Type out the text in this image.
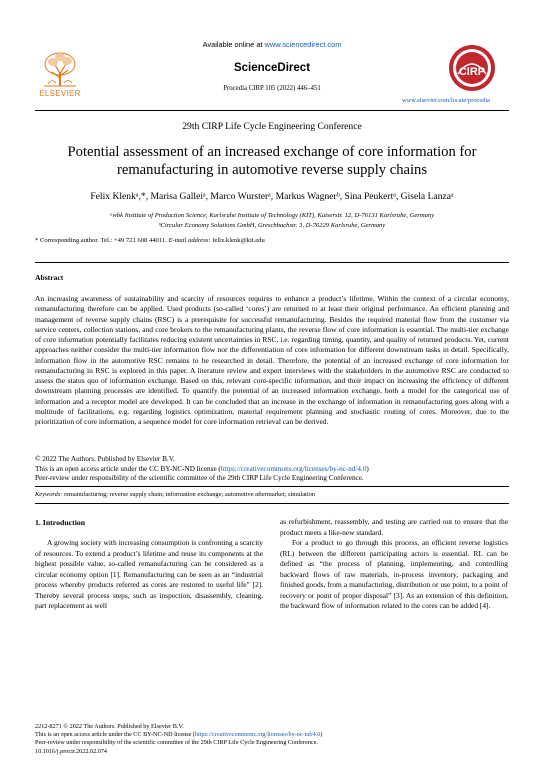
Available online at www.sciencedirect.com
ELSEVIER
ScienceDirect
Procedia CIRP 105 (2022) 446–451
CIRP
www.elsevier.com/locate/procedia
29th CIRP Life Cycle Engineering Conference
Potential assessment of an increased exchange of core information for remanufacturing in automotive reverse supply chains
Felix Klenkᵃ,*, Marisa Galleiᵃ, Marco Wursterᵃ, Markus Wagnerᵇ, Sina Peukertᵃ, Gisela Lanzaᵃ
ᵃwbk Institute of Production Science, Karlsruhe Institute of Technology (KIT), Kaiserstr. 12, D-76131 Karlsruhe, Germany
ᵇCircular Economy Solutions GmbH, Greschbachstr. 3, D-76229 Karlsruhe, Germany
* Corresponding author. Tel.: +49 721 608 44011. E-mail address: felix.klenk@kit.edu
Abstract

An increasing awareness of sustainability and scarcity of resources requires to enhance a product’s lifetime. Within the context of a circular economy, remanufacturing therefore can be applied. Used products (so-called ‘cores’) are returned to at least their original performance. An efficient planning and management of reverse supply chains (RSC) is a prerequisite for successful remanufacturing. Besides the required material flow from the customer via service centers, collection stations, and core brokers to the remanufacturing plants, the reverse flow of core information is essential. The multi-tier exchange of core information potentially facilitates reducing existent uncertainties in RSC, i.e. regarding timing, quantity, and quality of returned products. Yet, current approaches neither consider the multi-tier information flow nor the differentiation of core information for different downstream tasks in detail. Specifically, information flow in the automotive RSC remains to be researched in detail. Therefore, the potential of an increased exchange of core information for remanufacturing in RSC is explored in this paper. A literature review and expert interviews with the stakeholders in the automotive RSC are conducted to assess the status quo of information exchange. Based on this, relevant core-specific information, and their impact on increasing the efficiency of different downstream planning processes are identified. To quantify the potential of an increased information exchange, both a model for the categorical use of information and a receptor model are developed. It can be concluded that an increase in the exchange of information in remanufacturing goes along with a multitude of facilitations, e.g. regarding logistics optimization, material requirement planning and stochastic routing of cores. Moreover, due to the prioritization of core information, a sequence model for core information retrieval can be derived.

© 2022 The Authors. Published by Elsevier B.V.
This is an open access article under the CC BY-NC-ND license (https://creativecommons.org/licenses/by-nc-nd/4.0)
Peer-review under responsibility of the scientific committee of the 29th CIRP Life Cycle Engineering Conference.
Keywords: remanufacturing; reverse supply chain; information exchange; automotive aftermarket; simulation
1. Introduction

A growing society with increasing consumption is confronting a scarcity of resources. To extend a product’s lifetime and reuse its components at the highest possible value, so-called remanufacturing can be considered as a circular economy option [1]. Remanufacturing can be seen as an “industrial process whereby products referred as cores are restored to useful life” [2]. Thereby several process steps, such as inspection, disassembly, cleaning, part replacement as well

as refurbishment, reassembly, and testing are carried out to ensure that the product meets a like-new standard.

For a product to go through this process, an efficient reverse logistics (RL) between the different participating actors is essential. RL can be defined as “the process of planning, implementing, and controlling backward flows of raw materials, in-process inventory, packaging and finished goods, from a manufacturing, distribution or use point, to a point of recovery or point of proper disposal” [3]. As an extension of this definition, the backward flow of information related to the cores can be added [4].

2212-8271 © 2022 The Authors. Published by Elsevier B.V.
This is an open access article under the CC BY-NC-ND license (https://creativecommons.org/licenses/by-nc-nd/4.0)
Peer-review under responsibility of the scientific committee of the 29th CIRP Life Cycle Engineering Conference.
10.1016/j.procir.2022.02.074
